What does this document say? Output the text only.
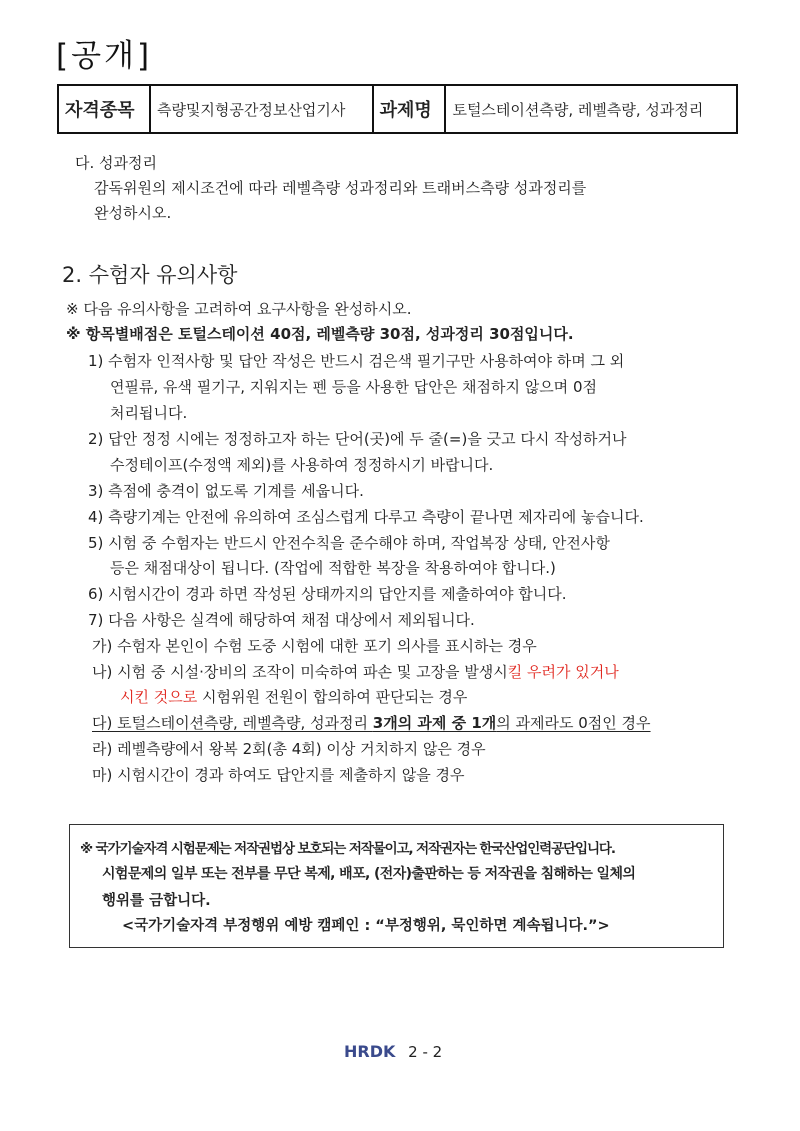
[공개]
자격종목	측량및지형공간정보산업기사	과제명	토털스테이션측량, 레벨측량, 성과정리
다. 성과정리
감독위원의 제시조건에 따라 레벨측량 성과정리와 트래버스측량 성과정리를
완성하시오.
2. 수험자 유의사항
※ 다음 유의사항을 고려하여 요구사항을 완성하시오.
※ 항목별배점은 토털스테이션 40점, 레벨측량 30점, 성과정리 30점입니다.
1) 수험자 인적사항 및 답안 작성은 반드시 검은색 필기구만 사용하여야 하며 그 외
연필류, 유색 필기구, 지워지는 펜 등을 사용한 답안은 채점하지 않으며 0점
처리됩니다.
2) 답안 정정 시에는 정정하고자 하는 단어(곳)에 두 줄(=)을 긋고 다시 작성하거나
수정테이프(수정액 제외)를 사용하여 정정하시기 바랍니다.
3) 측점에 충격이 없도록 기계를 세웁니다.
4) 측량기계는 안전에 유의하여 조심스럽게 다루고 측량이 끝나면 제자리에 놓습니다.
5) 시험 중 수험자는 반드시 안전수칙을 준수해야 하며, 작업복장 상태, 안전사항
등은 채점대상이 됩니다. (작업에 적합한 복장을 착용하여야 합니다.)
6) 시험시간이 경과 하면 작성된 상태까지의 답안지를 제출하여야 합니다.
7) 다음 사항은 실격에 해당하여 채점 대상에서 제외됩니다.
가) 수험자 본인이 수험 도중 시험에 대한 포기 의사를 표시하는 경우
나) 시험 중 시설·장비의 조작이 미숙하여 파손 및 고장을 발생시킬 우려가 있거나
시킨 것으로 시험위원 전원이 합의하여 판단되는 경우
다) 토털스테이션측량, 레벨측량, 성과정리 3개의 과제 중 1개의 과제라도 0점인 경우
라) 레벨측량에서 왕복 2회(총 4회) 이상 거치하지 않은 경우
마) 시험시간이 경과 하여도 답안지를 제출하지 않을 경우
※ 국가기술자격 시험문제는 저작권법상 보호되는 저작물이고, 저작권자는 한국산업인력공단입니다.
시험문제의 일부 또는 전부를 무단 복제, 배포, (전자)출판하는 등 저작권을 침해하는 일체의
행위를 금합니다.
<국가기술자격 부정행위 예방 캠페인 : “부정행위, 묵인하면 계속됩니다.”>
HRDK 2 - 2
